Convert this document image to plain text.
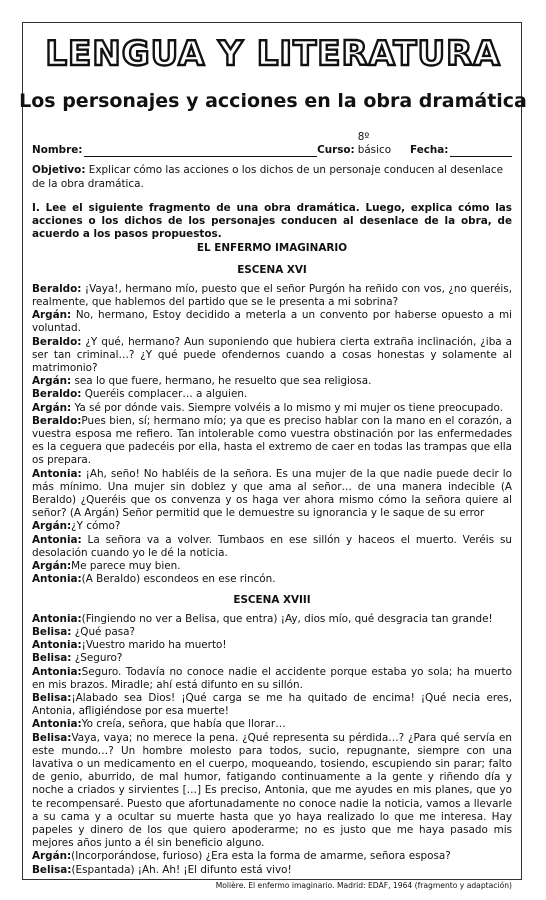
LENGUA Y LITERATURA
Los personajes y acciones en la obra dramática
Nombre:	Curso:
8º básico	Fecha:

Objetivo: Explicar cómo las acciones o los dichos de un personaje conducen al desenlace de la obra dramática.

I. Lee el siguiente fragmento de una obra dramática. Luego, explica cómo las acciones o los dichos de los personajes conducen al desenlace de la obra, de acuerdo a los pasos propuestos.

EL ENFERMO IMAGINARIO

ESCENA XVI

Beraldo: ¡Vaya!, hermano mío, puesto que el señor Purgón ha reñido con vos, ¿no queréis, realmente, que hablemos del partido que se le presenta a mi sobrina?

Argán: No, hermano, Estoy decidido a meterla a un convento por haberse opuesto a mi voluntad.

Beraldo: ¿Y qué, hermano? Aun suponiendo que hubiera cierta extraña inclinación, ¿iba a ser tan criminal…? ¿Y qué puede ofendernos cuando a cosas honestas y solamente al matrimonio?

Argán: sea lo que fuere, hermano, he resuelto que sea religiosa.

Beraldo: Queréis complacer… a alguien.

Argán: Ya sé por dónde vais. Siempre volvéis a lo mismo y mi mujer os tiene preocupado.

Beraldo:Pues bien, sí; hermano mío; ya que es preciso hablar con la mano en el corazón, a vuestra esposa me refiero. Tan intolerable como vuestra obstinación por las enfermedades es la ceguera que padecéis por ella, hasta el extremo de caer en todas las trampas que ella os prepara.

Antonia: ¡Ah, seño! No habléis de la señora. Es una mujer de la que nadie puede decir lo más mínimo. Una mujer sin doblez y que ama al señor… de una manera indecible (A Beraldo) ¿Queréis que os convenza y os haga ver ahora mismo cómo la señora quiere al señor? (A Argán) Señor permitid que le demuestre su ignorancia y le saque de su error

Argán:¿Y cómo?

Antonia: La señora va a volver. Tumbaos en ese sillón y haceos el muerto. Veréis su desolación cuando yo le dé la noticia.

Argán:Me parece muy bien.

Antonia:(A Beraldo) escondeos en ese rincón.

ESCENA XVIII

Antonia:(Fingiendo no ver a Belisa, que entra) ¡Ay, dios mío, qué desgracia tan grande!

Belisa: ¿Qué pasa?

Antonia:¡Vuestro marido ha muerto!

Belisa: ¿Seguro?

Antonia:Seguro. Todavía no conoce nadie el accidente porque estaba yo sola; ha muerto en mis brazos. Miradle; ahí está difunto en su sillón.

Belisa:¡Alabado sea Dios! ¡Qué carga se me ha quitado de encima! ¡Qué necia eres, Antonia, afligiéndose por esa muerte!

Antonia:Yo creía, señora, que había que llorar…

Belisa:Vaya, vaya; no merece la pena. ¿Qué representa su pérdida…? ¿Para qué servía en este mundo…? Un hombre molesto para todos, sucio, repugnante, siempre con una lavativa o un medicamento en el cuerpo, moqueando, tosiendo, escupiendo sin parar; falto de genio, aburrido, de mal humor, fatigando continuamente a la gente y riñendo día y noche a criados y sirvientes […] Es preciso, Antonia, que me ayudes en mis planes, que yo te recompensaré. Puesto que afortunadamente no conoce nadie la noticia, vamos a llevarle a su cama y a ocultar su muerte hasta que yo haya realizado lo que me interesa. Hay papeles y dinero de los que quiero apoderarme; no es justo que me haya pasado mis mejores años junto a él sin beneficio alguno.

Argán:(Incorporándose, furioso) ¿Era esta la forma de amarme, señora esposa?

Belisa:(Espantada) ¡Ah. Ah! ¡El difunto está vivo!

Molière. El enfermo imaginario. Madrid: EDAF, 1964 (fragmento y adaptación)
